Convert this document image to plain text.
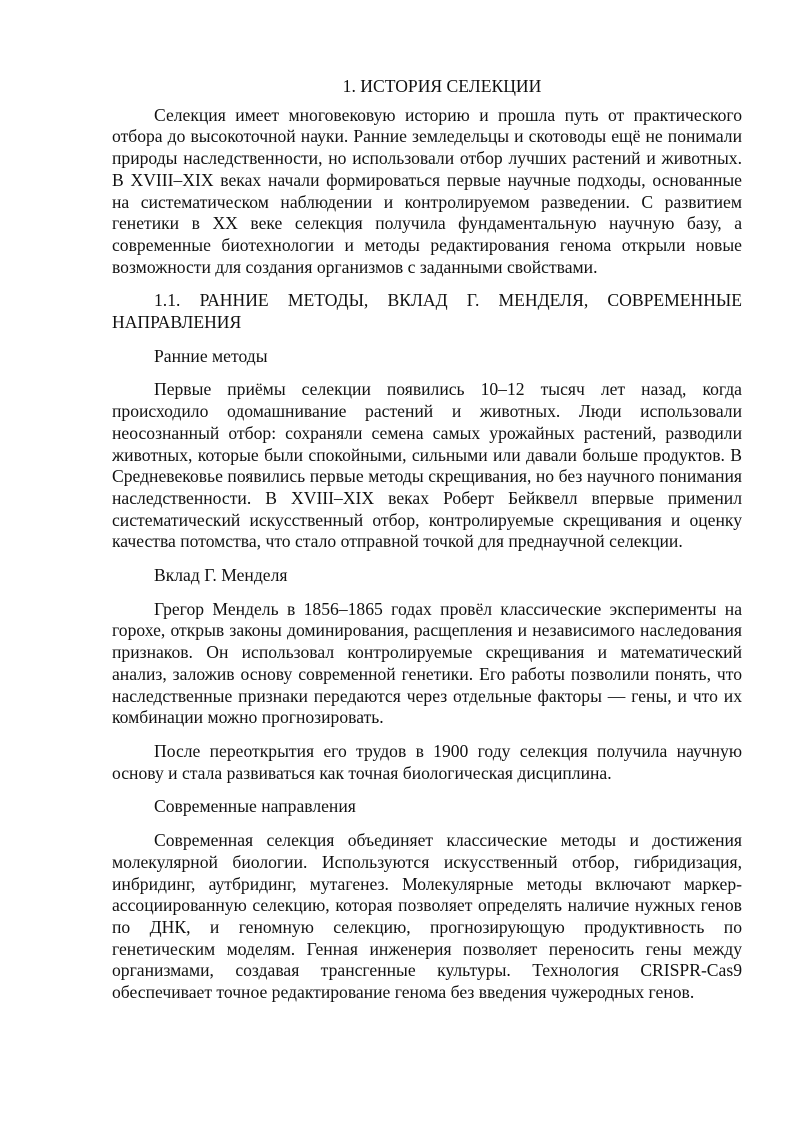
1. ИСТОРИЯ СЕЛЕКЦИИ

Селекция имеет многовековую историю и прошла путь от практического отбора до высокоточной науки. Ранние земледельцы и скотоводы ещё не понимали природы наследственности, но использовали отбор лучших растений и животных. В XVIII–XIX веках начали формироваться первые научные подходы, основанные на систематическом наблюдении и контролируемом разведении. С развитием генетики в XX веке селекция получила фундаментальную научную базу, а современные биотехнологии и методы редактирования генома открыли новые возможности для создания организмов с заданными свойствами.

1.1. РАННИЕ МЕТОДЫ, ВКЛАД Г. МЕНДЕЛЯ, СОВРЕМЕННЫЕ НАПРАВЛЕНИЯ

Ранние методы

Первые приёмы селекции появились 10–12 тысяч лет назад, когда происходило одомашнивание растений и животных. Люди использовали неосознанный отбор: сохраняли семена самых урожайных растений, разводили животных, которые были спокойными, сильными или давали больше продуктов. В Средневековье появились первые методы скрещивания, но без научного понимания наследственности. В XVIII–XIX веках Роберт Бейквелл впервые применил систематический искусственный отбор, контролируемые скрещивания и оценку качества потомства, что стало отправной точкой для преднаучной селекции.

Вклад Г. Менделя

Грегор Мендель в 1856–1865 годах провёл классические эксперименты на горохе, открыв законы доминирования, расщепления и независимого наследования признаков. Он использовал контролируемые скрещивания и математический анализ, заложив основу современной генетики. Его работы позволили понять, что наследственные признаки передаются через отдельные факторы — гены, и что их комбинации можно прогнозировать.

После переоткрытия его трудов в 1900 году селекция получила научную основу и стала развиваться как точная биологическая дисциплина.

Современные направления

Современная селекция объединяет классические методы и достижения молекулярной биологии. Используются искусственный отбор, гибридизация, инбридинг, аутбридинг, мутагенез. Молекулярные методы включают маркер-ассоциированную селекцию, которая позволяет определять наличие нужных генов по ДНК, и геномную селекцию, прогнозирующую продуктивность по генетическим моделям. Генная инженерия позволяет переносить гены между организмами, создавая трансгенные культуры. Технология CRISPR-Cas9 обеспечивает точное редактирование генома без введения чужеродных генов.
